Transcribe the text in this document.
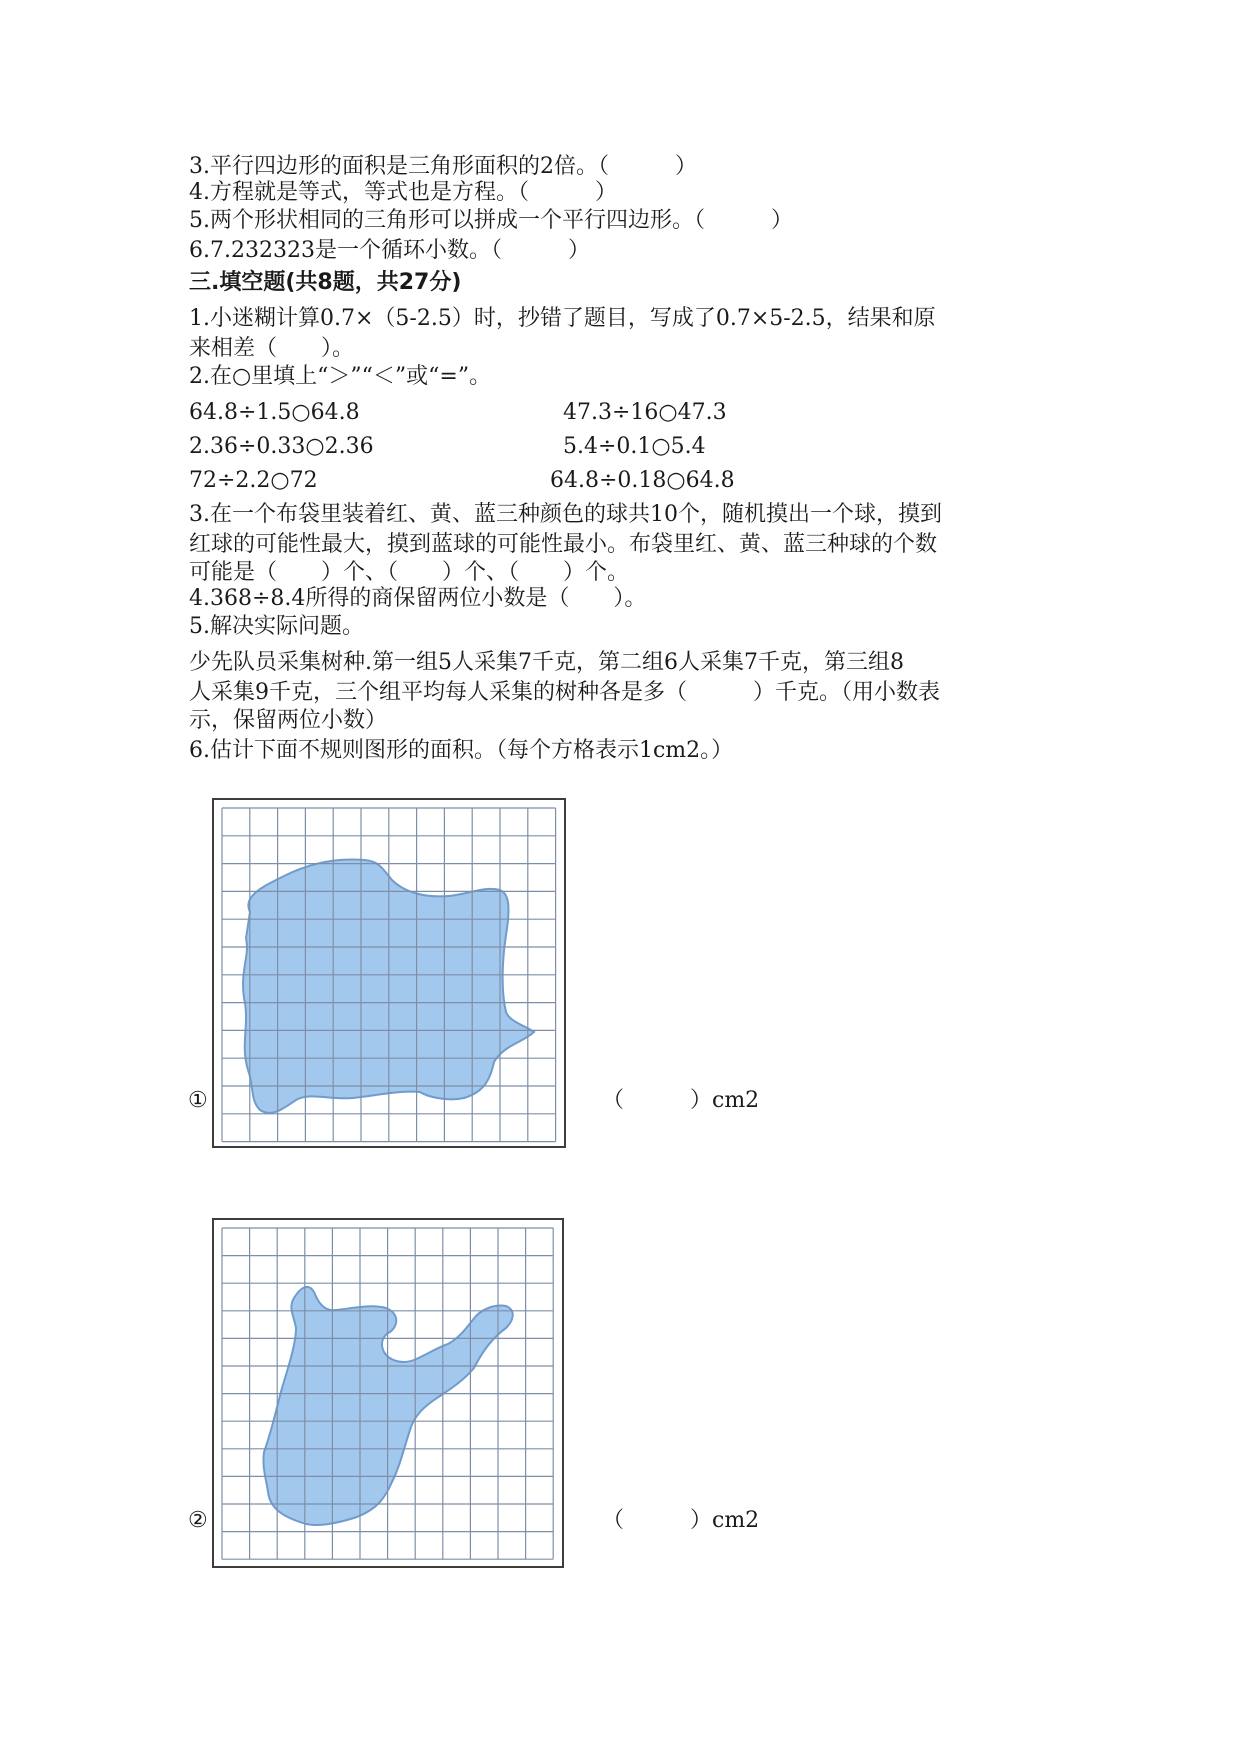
3.平行四边形的面积是三角形面积的2倍。（　　　）
4.方程就是等式，等式也是方程。（　　　）
5.两个形状相同的三角形可以拼成一个平行四边形。（　　　）
6.7.232323是一个循环小数。（　　　）
三.填空题(共8题，共27分)
1.小迷糊计算0.7×（5-2.5）时，抄错了题目，写成了0.7×5-2.5，结果和原
来相差（　　）。
2.在○里填上“＞”“＜”或“=”。
64.8÷1.5○64.8	47.3÷16○47.3
2.36÷0.33○2.36	5.4÷0.1○5.4
72÷2.2○72	64.8÷0.18○64.8
3.在一个布袋里装着红、黄、蓝三种颜色的球共10个，随机摸出一个球，摸到
红球的可能性最大，摸到蓝球的可能性最小。布袋里红、黄、蓝三种球的个数
可能是（　　）个、（　　）个、（　　）个。
4.368÷8.4所得的商保留两位小数是（　　）。
5.解决实际问题。
少先队员采集树种.第一组5人采集7千克，第二组6人采集7千克，第三组8
人采集9千克，三个组平均每人采集的树种各是多（　　　）千克。（用小数表
示，保留两位小数）
6.估计下面不规则图形的面积。（每个方格表示1cm2。）
①	（　　　）cm2
②	（　　　）cm2
